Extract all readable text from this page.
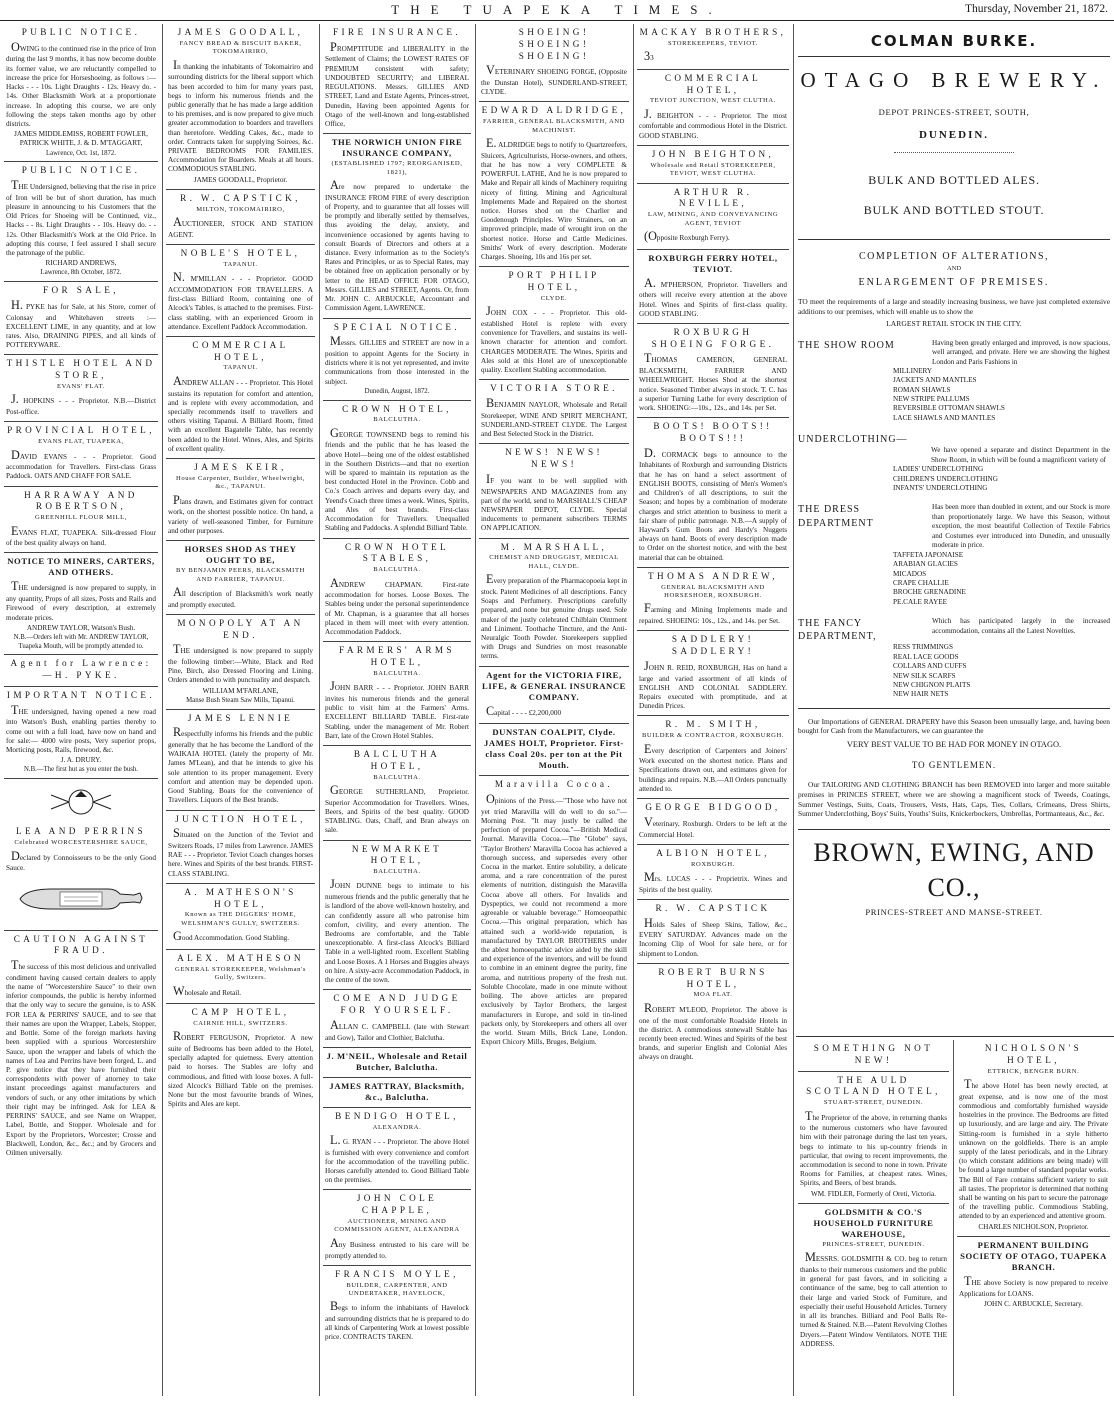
THE TUAPEKA TIMES.	Thursday, November 21, 1872.
PUBLIC NOTICE.
OWING to the continued rise in the price of Iron during the last 9 months, it has now become double its former value, we are reluctantly compelled to increase the price for Horseshoeing, as follows :— Hacks - - - 10s. Light Draughts - 12s. Heavy do. - 14s. Other Blacksmith Work at a proportionate increase. In adopting this course, we are only following the steps taken months ago by other districts.
JAMES MIDDLEMISS, ROBERT FOWLER, PATRICK WHITE, J. & D. M'TAGGART,
Lawrence, Oct. 1st, 1872.
PUBLIC NOTICE.
THE Undersigned, believing that the rise in price of Iron will be but of short duration, has much pleasure in announcing to his Customers that the Old Prices for Shoeing will be Continued, viz., Hacks - - 8s. Light Draughts - - 10s. Heavy do. - - 12s. Other Blacksmith's Work at the Old Price. In adopting this course, I feel assured I shall secure the patronage of the public.
RICHARD ANDREWS,
Lawrence, 8th October, 1872.
FOR SALE,
H. PYKE has for Sale, at his Store, corner of Colonsay and Whitehaven streets :— EXCELLENT LIME, in any quantity, and at low rates. Also, DRAINING PIPES, and all kinds of POTTERYWARE.
THISTLE HOTEL AND STORE,
EVANS' FLAT.
J. HOPKINS - - - Proprietor. N.B.—District Post-office.
PROVINCIAL HOTEL,
EVANS FLAT, TUAPEKA,
DAVID EVANS - - - Proprietor. Good accommodation for Travellers. First-class Grass Paddock. OATS AND CHAFF FOR SALE.
HARRAWAY AND ROBERTSON,
GREENHILL FLOUR MILL,
EVANS FLAT, TUAPEKA. Silk-dressed Flour of the best quality always on hand.
NOTICE TO MINERS, CARTERS, AND OTHERS.
THE undersigned is now prepared to supply, in any quantity, Props of all sizes, Posts and Rails and Firewood of every description, at extremely moderate prices.
ANDREW TAYLOR, Watson's Bush.
N.B.—Orders left with Mr. ANDREW TAYLOR, Tuapeka Mouth, will be promptly attended to.
Agent for Lawrence:—H. PYKE.
IMPORTANT NOTICE.
THE undersigned, having opened a new road into Watson's Bush, enabling parties thereby to come out with a full load, have now on hand and for sale:— 4000 wire posts, Very superior props, Morticing posts, Rails, firewood, &c.
J. A. DRURY.
N.B.—The first hut as you enter the bush.
LEA AND PERRINS
Celebrated WORCESTERSHIRE SAUCE,
Declared by Connoisseurs to be the only Good Sauce.
CAUTION AGAINST FRAUD.
The success of this most delicious and unrivalled condiment having caused certain dealers to apply the name of "Worcestershire Sauce" to their own inferior compounds, the public is hereby informed that the only way to secure the genuine, is to ASK FOR LEA & PERRINS' SAUCE, and to see that their names are upon the Wrapper, Labels, Stopper, and Bottle. Some of the foreign markets having been supplied with a spurious Worcestershire Sauce, upon the wrapper and labels of which the names of Lea and Perrins have been forged, L. and P. give notice that they have furnished their correspondents with power of attorney to take instant proceedings against manufacturers and vendors of such, or any other imitations by which their right may be infringed. Ask for LEA & PERRINS' SAUCE, and see Name on Wrapper, Label, Bottle, and Stopper. Wholesale and for Export by the Proprietors, Worcester; Crosse and Blackwell, London, &c., &c.; and by Grocers and Oilmen universally.
JAMES GOODALL,
FANCY BREAD & BISCUIT BAKER, TOKOMAIRIRO,
In thanking the inhabitants of Tokomairiro and surrounding districts for the liberal support which has been accorded to him for many years past, begs to inform his numerous friends and the public generally that he has made a large addition to his premises, and is now prepared to give much greater accommodation to boarders and travellers than heretofore. Wedding Cakes, &c., made to order. Contracts taken for supplying Soirees, &c. PRIVATE BEDROOMS FOR FAMILIES. Accommodation for Boarders. Meals at all hours. COMMODIOUS STABLING.
JAMES GOODALL, Proprietor.
R. W. CAPSTICK,
MILTON, TOKOMAIRIRO,
AUCTIONEER, STOCK AND STATION AGENT.
NOBLE'S HOTEL,
TAPANUI.
N. M'MILLAN - - - Proprietor. GOOD ACCOMMODATION FOR TRAVELLERS. A first-class Billiard Room, containing one of Alcock's Tables, is attached to the premises. First-class stabling, with an experienced Groom in attendance. Excellent Paddock Accommodation.
COMMERCIAL HOTEL,
TAPANUI.
ANDREW ALLAN - - - Proprietor. This Hotel sustains its reputation for comfort and attention, and is replete with every accommodation, and specially recommends itself to travellers and others visiting Tapanui. A Billiard Room, fitted with an excellent Bagatelle Table, has recently been added to the Hotel. Wines, Ales, and Spirits of excellent quality.
JAMES KEIR,
House Carpenter, Builder, Wheelwright, &c., TAPANUI.
Plans drawn, and Estimates given for contract work, on the shortest possible notice. On hand, a variety of well-seasoned Timber, for Furniture and other purposes.
HORSES SHOD AS THEY OUGHT TO BE,
BY BENJAMIN PEERS, BLACKSMITH AND FARRIER, TAPANUI.
All description of Blacksmith's work neatly and promptly executed.
MONOPOLY AT AN END.
THE undersigned is now prepared to supply the following timber:—White, Black and Red Pine, Birch, also Dressed Flooring and Lining. Orders attended to with punctuality and despatch.
WILLIAM M'FARLANE,
Manse Bush Steam Saw Mills, Tapanui.
JAMES LENNIE
Respectfully informs his friends and the public generally that he has become the Landlord of the WAIKAIA HOTEL (lately the property of Mr. James M'Lean), and that he intends to give his sole attention to its proper management. Every comfort and attention may be depended upon. Good Stabling. Boats for the convenience of Travellers. Liquors of the Best brands.
JUNCTION HOTEL,
Situated on the Junction of the Teviot and Switzers Roads, 17 miles from Lawrence. JAMES RAE - - - Proprietor. Teviot Coach changes horses here. Wines and Spirits of the best brands. FIRST-CLASS STABLING.
A. MATHESON'S HOTEL,
Known as THE DIGGERS' HOME, WELSHMAN'S GULLY, SWITZERS.
Good Accommodation. Good Stabling.
ALEX. MATHESON
GENERAL STOREKEEPER, Welshman's Gully, Switzers.
Wholesale and Retail.
CAMP HOTEL,
CAIRNIE HILL, SWITZERS.
ROBERT FERGUSON, Proprietor. A new suite of Bedrooms has been added to the Hotel, specially adapted for quietness. Every attention paid to horses. The Stables are lofty and commodious, and fitted with loose boxes. A full-sized Alcock's Billiard Table on the premises. None but the most favourite brands of Wines, Spirits and Ales are kept.
FIRE INSURANCE.
PROMPTITUDE and LIBERALITY in the Settlement of Claims; the LOWEST RATES OF PREMIUM consistent with safety; UNDOUBTED SECURITY; and LIBERAL REGULATIONS. Messrs. GILLIES AND STREET, Land and Estate Agents, Princes-street, Dunedin, Having been appointed Agents for Otago of the well-known and long-established Office,
THE NORWICH UNION FIRE INSURANCE COMPANY,
(ESTABLISHED 1797; REORGANISED, 1821),
Are now prepared to undertake the INSURANCE FROM FIRE of every description of Property, and to guarantee that all losses will be promptly and liberally settled by themselves, thus avoiding the delay, anxiety, and inconvenience occasioned by agents having to consult Boards of Directors and others at a distance. Every information as to the Society's Rates and Principles, or as to Special Rates, may be obtained free on application personally or by letter to the HEAD OFFICE FOR OTAGO, Messrs. GILLIES and STREET, Agents. Or, from Mr. JOHN C. ARBUCKLE, Accountant and Commission Agent, LAWRENCE.
SPECIAL NOTICE.
Messrs. GILLIES and STREET are now in a position to appoint Agents for the Society in districts where it is not yet represented, and invite communications from those interested in the subject.
Dunedin, August, 1872.
CROWN HOTEL,
BALCLUTHA.
GEORGE TOWNSEND begs to remind his friends and the public that he has leased the above Hotel—being one of the oldest established in the Southern Districts—and that no exertion will be spared to maintain its reputation as the best conducted Hotel in the Province. Cobb and Co.'s Coach arrives and departs every day, and Yeend's Coach three times a week. Wines, Spirits, and Ales of best brands. First-class Accommodation for Travellers. Unequalled Stabling and Paddocks. A splendid Billiard Table.
CROWN HOTEL STABLES,
BALCLUTHA.
ANDREW CHAPMAN. First-rate accommodation for horses. Loose Boxes. The Stables being under the personal superintendence of Mr. Chapman, is a guarantee that all horses placed in them will meet with every attention. Accommodation Paddock.
FARMERS' ARMS HOTEL,
BALCLUTHA.
JOHN BARR - - - Proprietor. JOHN BARR invites his numerous friends and the general public to visit him at the Farmers' Arms. EXCELLENT BILLIARD TABLE. First-rate Stabling, under the management of Mr. Robert Barr, late of the Crown Hotel Stables.
BALCLUTHA HOTEL,
BALCLUTHA.
GEORGE SUTHERLAND, Proprietor. Superior Accommodation for Travellers. Wines, Beers, and Spirits of the best quality. GOOD STABLING. Oats, Chaff, and Bran always on sale.
NEWMARKET HOTEL,
BALCLUTHA.
JOHN DUNNE begs to intimate to his numerous friends and the public generally that he is landlord of the above well-known hostelry, and can confidently assure all who patronise him comfort, civility, and every attention. The Bedrooms are comfortable, and the Table unexceptionable. A first-class Alcock's Billiard Table in a well-lighted room. Excellent Stabling and Loose Boxes. A 1 Horses and Buggies always on hire. A sixty-acre Accommodation Paddock, in the centre of the town.
COME AND JUDGE FOR YOURSELF.
ALLAN C. CAMPBELL (late with Stewart and Gow), Tailor and Clothier, Balclutha.
J. M'NEIL, Wholesale and Retail Butcher, Balclutha.
JAMES RATTRAY, Blacksmith, &c., Balclutha.
BENDIGO HOTEL,
ALEXANDRA.
L. G. RYAN - - - Proprietor. The above Hotel is furnished with every convenience and comfort for the accommodation of the travelling public. Horses carefully attended to. Good Billiard Table on the premises.
JOHN COLE CHAPPLE,
AUCTIONEER, MINING AND COMMISSION AGENT, ALEXANDRA
Any Business entrusted to his care will be promptly attended to.
FRANCIS MOYLE,
BUILDER, CARPENTER, AND UNDERTAKER, HAVELOCK,
Begs to inform the inhabitants of Havelock and surrounding districts that he is prepared to do all kinds of Carpentering Work at lowest possible price. CONTRACTS TAKEN.
SHOEING! SHOEING! SHOEING!
VETERINARY SHOEING FORGE, (Opposite the Dunstan Hotel), SUNDERLAND-STREET, CLYDE.
EDWARD ALDRIDGE,
FARRIER, GENERAL BLACKSMITH, AND MACHINIST.
E. ALDRIDGE begs to notify to Quartzreefers, Sluicers, Agriculturists, Horse-owners, and others, that he has now a very COMPLETE & POWERFUL LATHE, And he is now prepared to Make and Repair all kinds of Machinery requiring nicety of fitting. Mining and Agricultural Implements Made and Repaired on the shortest notice. Horses shod on the Charlier and Goodenough Principles. Wire Strainers, on an improved principle, made of wrought iron on the shortest notice. Horse and Cattle Medicines. Smiths' Work of every description. Moderate Charges. Shoeing, 10s and 16s per set.
PORT PHILIP HOTEL,
CLYDE.
JOHN COX - - - Proprietor. This old-established Hotel is replete with every convenience for Travellers, and sustains its well-known character for attention and comfort. CHARGES MODERATE. The Wines, Spirits and Ales sold at this Hotel are of unexceptionable quality. Excellent Stabling accommodation.
VICTORIA STORE.
BENJAMIN NAYLOR, Wholesale and Retail Storekeeper, WINE AND SPIRIT MERCHANT, SUNDERLAND-STREET CLYDE. The Largest and Best Selected Stock in the District.
NEWS! NEWS! NEWS!
IF you want to be well supplied with NEWSPAPERS AND MAGAZINES from any part of the world, send to MARSHALL'S CHEAP NEWSPAPER DEPOT, CLYDE. Special inducements to permanent subscribers TERMS ON APPLICATION.
M. MARSHALL,
CHEMIST AND DRUGGIST, MEDICAL HALL, CLYDE.
Every preparation of the Pharmacopoeia kept in stock. Patent Medicines of all descriptions. Fancy Soaps and Perfumery. Prescriptions carefully prepared, and none but genuine drugs used. Sole maker of the justly celebrated Chilblain Ointment and Liniment. Toothache Tincture, and the Anti-Neuralgic Tooth Powder. Storekeepers supplied with Drugs and Sundries on most reasonable terms.
Agent for the VICTORIA FIRE, LIFE, & GENERAL INSURANCE COMPANY.
Capital - - - - £2,200,000
DUNSTAN COALPIT, Clyde. JAMES HOLT, Proprietor. First-class Coal 20s. per ton at the Pit Mouth.
Maravilla Cocoa.
Opinions of the Press.—"Those who have not yet tried Maravilla will do well to do so."—Morning Post. "It may justly be called the perfection of prepared Cocoa."—British Medical Journal. Maravilla Cocoa.—The "Globe" says, "Taylor Brothers' Maravilla Cocoa has achieved a thorough success, and supersedes every other Cocoa in the market. Entire solubility, a delicate aroma, and a rare concentration of the purest elements of nutrition, distinguish the Maravilla Cocoa above all others. For Invalids and Dyspeptics, we could not recommend a more agreeable or valuable beverage." Homoeopathic Cocoa.—This original preparation, which has attained such a world-wide reputation, is manufactured by TAYLOR BROTHERS under the ablest homoeopathic advice aided by the skill and experience of the inventors, and will be found to combine in an eminent degree the purity, fine aroma, and nutritious property of the fresh nut. Soluble Chocolate, made in one minute without boiling. The above articles are prepared exclusively by Taylor Brothers, the largest manufacturers in Europe, and sold in tin-lined packets only, by Storekeepers and others all over the world. Steam Mills, Brick Lane, London. Export Chicory Mills, Bruges, Belgium.
MACKAY BROTHERS,
STOREKEEPERS, TEVIOT.
33
COMMERCIAL HOTEL,
TEVIOT JUNCTION, WEST CLUTHA.
J. BEIGHTON - - - Proprietor. The most comfortable and commodious Hotel in the District. GOOD STABLING.
JOHN BEIGHTON,
Wholesale and Retail STOREKEEPER, TEVIOT, WEST CLUTHA.
ARTHUR R. NEVILLE,
LAW, MINING, AND CONVEYANCING AGENT, TEVIOT
(Opposite Roxburgh Ferry).
ROXBURGH FERRY HOTEL, TEVIOT.
A. M'PHERSON, Proprietor. Travellers and others will receive every attention at the above Hotel. Wines and Spirits of first-class quality. GOOD STABLING.
ROXBURGH SHOEING FORGE.
THOMAS CAMERON, GENERAL BLACKSMITH, FARRIER AND WHEELWRIGHT. Horses Shod at the shortest notice. Seasoned Timber always in stock. T. C. has a superior Turning Lathe for every description of work. SHOEING:—10s., 12s., and 14s. per Set.
BOOTS! BOOTS!! BOOTS!!!
D. CORMACK begs to announce to the Inhabitants of Roxburgh and surrounding Districts that he has on hand a select assortment of ENGLISH BOOTS, consisting of Men's Women's and Children's of all descriptions, to suit the Season; and hopes by a combination of moderate charges and strict attention to business to merit a fair share of public patronage. N.B.—A supply of Hayward's Gum Boots and Hardy's Nuggets always on hand. Boots of every description made to Order on the shortest notice, and with the best material that can be obtained.
THOMAS ANDREW,
GENERAL BLACKSMITH AND HORSESHOER, ROXBURGH.
Farming and Mining Implements made and repaired. SHOEING: 10s., 12s., and 14s. per Set.
SADDLERY! SADDLERY!
JOHN R. REID, ROXBURGH, Has on hand a large and varied assortment of all kinds of ENGLISH AND COLONIAL SADDLERY. Repairs executed with promptitude, and at Dunedin Prices.
R. M. SMITH,
BUILDER & CONTRACTOR, ROXBURGH.
Every description of Carpenters and Joiners' Work executed on the shortest notice. Plans and Specifications drawn out, and estimates given for buildings and repairs. N.B.—All Orders punctually attended to.
GEORGE BIDGOOD,
Veterinary, Roxburgh. Orders to be left at the Commercial Hotel.
ALBION HOTEL,
ROXBURGH.
Mrs. LUCAS - - - Proprietrix. Wines and Spirits of the best quality.
R. W. CAPSTICK
Holds Sales of Sheep Skins, Tallow, &c., EVERY SATURDAY. Advances made on the Incoming Clip of Wool for sale here, or for shipment to London.
ROBERT BURNS HOTEL,
MOA FLAT.
ROBERT M'LEOD, Proprietor. The above is one of the most comfortable Roadside Hotels in the district. A commodious stonewall Stable has recently been erected. Wines and Spirits of the best brands, and superior English and Colonial Ales always on draught.
COLMAN BURKE.
OTAGO BREWERY.
DEPOT PRINCES-STREET, SOUTH,
DUNEDIN.
BULK AND BOTTLED ALES.
BULK AND BOTTLED STOUT.
COMPLETION OF ALTERATIONS,
AND
ENLARGEMENT OF PREMISES.
TO meet the requirements of a large and steadily increasing business, we have just completed extensive additions to our premises, which will enable us to show the
LARGEST RETAIL STOCK IN THE CITY.
THE SHOW ROOM	Having been greatly enlarged and improved, is now spacious, well arranged, and private. Here we are showing the highest London and Paris Fashions in
MILLINERY
JACKETS AND MANTLES
ROMAN SHAWLS
NEW STRIPE PALLUMS
REVERSIBLE OTTOMAN SHAWLS
LACE SHAWLS AND MANTLES
UNDERCLOTHING—
We have opened a separate and distinct Department in the Show Room, in which will be found a magnificent variety of
LADIES' UNDERCLOTHING
CHILDREN'S UNDERCLOTHING
INFANTS' UNDERCLOTHING
THE DRESS DEPARTMENT
Has been more than doubled in extent, and our Stock is more than proportionately large. We have this Season, without exception, the most beautiful Collection of Textile Fabrics and Costumes ever introduced into Dunedin, and unusually moderate in price.
TAFFETA JAPONAISE
ARABIAN GLACIES
MICADOS
CRAPE CHALLIE
BROCHE GRENADINE
PE.CALE RAYEE
THE FANCY DEPARTMENT,
Which has participated largely in the increased accommodation, contains all the Latest Novelties.
RESS TRIMMINGS
REAL LACE GOODS
COLLARS AND CUFFS
NEW SILK SCARFS
NEW CHIGNON PLAITS
NEW HAIR NETS
Our Importations of GENERAL DRAPERY have this Season been unusually large, and, having been bought for Cash from the Manufacturers, we can guarantee the
VERY BEST VALUE TO BE HAD FOR MONEY IN OTAGO.
TO GENTLEMEN.
Our TAILORING AND CLOTHING BRANCH has been REMOVED into larger and more suitable premises in PRINCES STREET, where we are showing a magnificent stock of Tweeds, Coatings, Summer Vestings, Suits, Coats, Trousers, Vests, Hats, Caps, Ties, Collars, Crimeans, Dress Shirts, Summer Underclothing, Boys' Suits, Youths' Suits, Knickerbockers, Umbrellas, Portmanteaus, &c., &c.
BROWN, EWING, AND CO.,
PRINCES-STREET AND MANSE-STREET.
SOMETHING NOT NEW!
THE AULD SCOTLAND HOTEL,
STUART-STREET, DUNEDIN.
The Proprietor of the above, in returning thanks to the numerous customers who have favoured him with their patronage during the last ten years, begs to intimate to his up-country friends in particular, that owing to recent improvements, the accommodation is second to none in town. Private Rooms for Families, at cheapest rates. Wines, Spirits, and Beers, of best brands.
WM. FIDLER, Formerly of Oreti, Victoria.
GOLDSMITH & CO.'S HOUSEHOLD FURNITURE WAREHOUSE,
PRINCES-STREET, DUNEDIN.
MESSRS. GOLDSMITH & CO. beg to return thanks to their numerous customers and the public in general for past favors, and in soliciting a continuance of the same, beg to call attention to their large and varied Stock of Furniture, and especially their useful Household Articles. Turnery in all its branches. Billiard and Pool Balls Re-turned & Stained. N.B.—Patent Revolving Clothes Dryers.—Patent Window Ventilators. NOTE THE ADDRESS.
NICHOLSON'S HOTEL,
ETTRICK, BENGER BURN.
The above Hotel has been newly erected, at great expense, and is now one of the most commodious and comfortably furnished wayside hostelries in the province. The Bedrooms are fitted up luxuriously, and are large and airy. The Private Sitting-room is furnished in a style hitherto unknown on the goldfields. There is an ample supply of the latest periodicals, and in the Library (to which constant additions are being made) will be found a large number of standard popular works. The Bill of Fare contains sufficient variety to suit all tastes. The proprietor is determined that nothing shall be wanting on his part to secure the patronage of the travelling public. Commodious Stabling, attended to by an experienced and attentive groom.
CHARLES NICHOLSON, Proprietor.
PERMANENT BUILDING SOCIETY OF OTAGO, TUAPEKA BRANCH.
THE above Society is now prepared to receive Applications for LOANS.
JOHN C. ARBUCKLE, Secretary.
